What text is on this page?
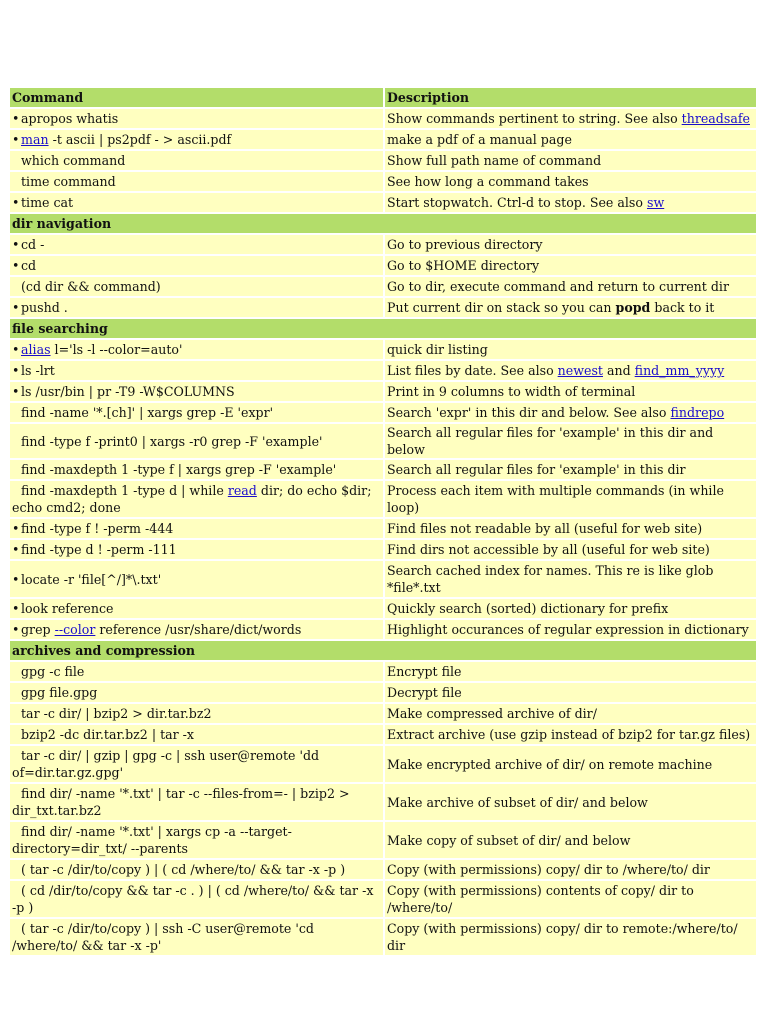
Command	Description
• apropos whatis	Show commands pertinent to string. See also threadsafe
• man -t ascii | ps2pdf - > ascii.pdf	make a pdf of a manual page
which command	Show full path name of command
time command	See how long a command takes
• time cat	Start stopwatch. Ctrl-d to stop. See also sw
dir navigation	
• cd -	Go to previous directory
• cd	Go to $HOME directory
(cd dir && command)	Go to dir, execute command and return to current dir
• pushd .	Put current dir on stack so you can popd back to it
file searching	
• alias l='ls -l --color=auto'	quick dir listing
• ls -lrt	List files by date. See also newest and find_mm_yyyy
• ls /usr/bin | pr -T9 -W$COLUMNS	Print in 9 columns to width of terminal
find -name '*.[ch]' | xargs grep -E 'expr'	Search 'expr' in this dir and below. See also findrepo
find -type f -print0 | xargs -r0 grep -F 'example'	Search all regular files for 'example' in this dir and below
find -maxdepth 1 -type f | xargs grep -F 'example'	Search all regular files for 'example' in this dir
find -maxdepth 1 -type d | while read dir; do echo $dir; echo cmd2; done	Process each item with multiple commands (in while loop)
• find -type f ! -perm -444	Find files not readable by all (useful for web site)
• find -type d ! -perm -111	Find dirs not accessible by all (useful for web site)
• locate -r 'file[^/]*\.txt'	Search cached index for names. This re is like glob *file*.txt
• look reference	Quickly search (sorted) dictionary for prefix
• grep --color reference /usr/share/dict/words	Highlight occurances of regular expression in dictionary
archives and compression	
gpg -c file	Encrypt file
gpg file.gpg	Decrypt file
tar -c dir/ | bzip2 > dir.tar.bz2	Make compressed archive of dir/
bzip2 -dc dir.tar.bz2 | tar -x	Extract archive (use gzip instead of bzip2 for tar.gz files)
tar -c dir/ | gzip | gpg -c | ssh user@remote 'dd of=dir.tar.gz.gpg'	Make encrypted archive of dir/ on remote machine
find dir/ -name '*.txt' | tar -c --files-from=- | bzip2 > dir_txt.tar.bz2	Make archive of subset of dir/ and below
find dir/ -name '*.txt' | xargs cp -a --target-directory=dir_txt/ --parents	Make copy of subset of dir/ and below
( tar -c /dir/to/copy ) | ( cd /where/to/ && tar -x -p )	Copy (with permissions) copy/ dir to /where/to/ dir
( cd /dir/to/copy && tar -c . ) | ( cd /where/to/ && tar -x -p )	Copy (with permissions) contents of copy/ dir to /where/to/
( tar -c /dir/to/copy ) | ssh -C user@remote 'cd /where/to/ && tar -x -p'	Copy (with permissions) copy/ dir to remote:/where/to/ dir
